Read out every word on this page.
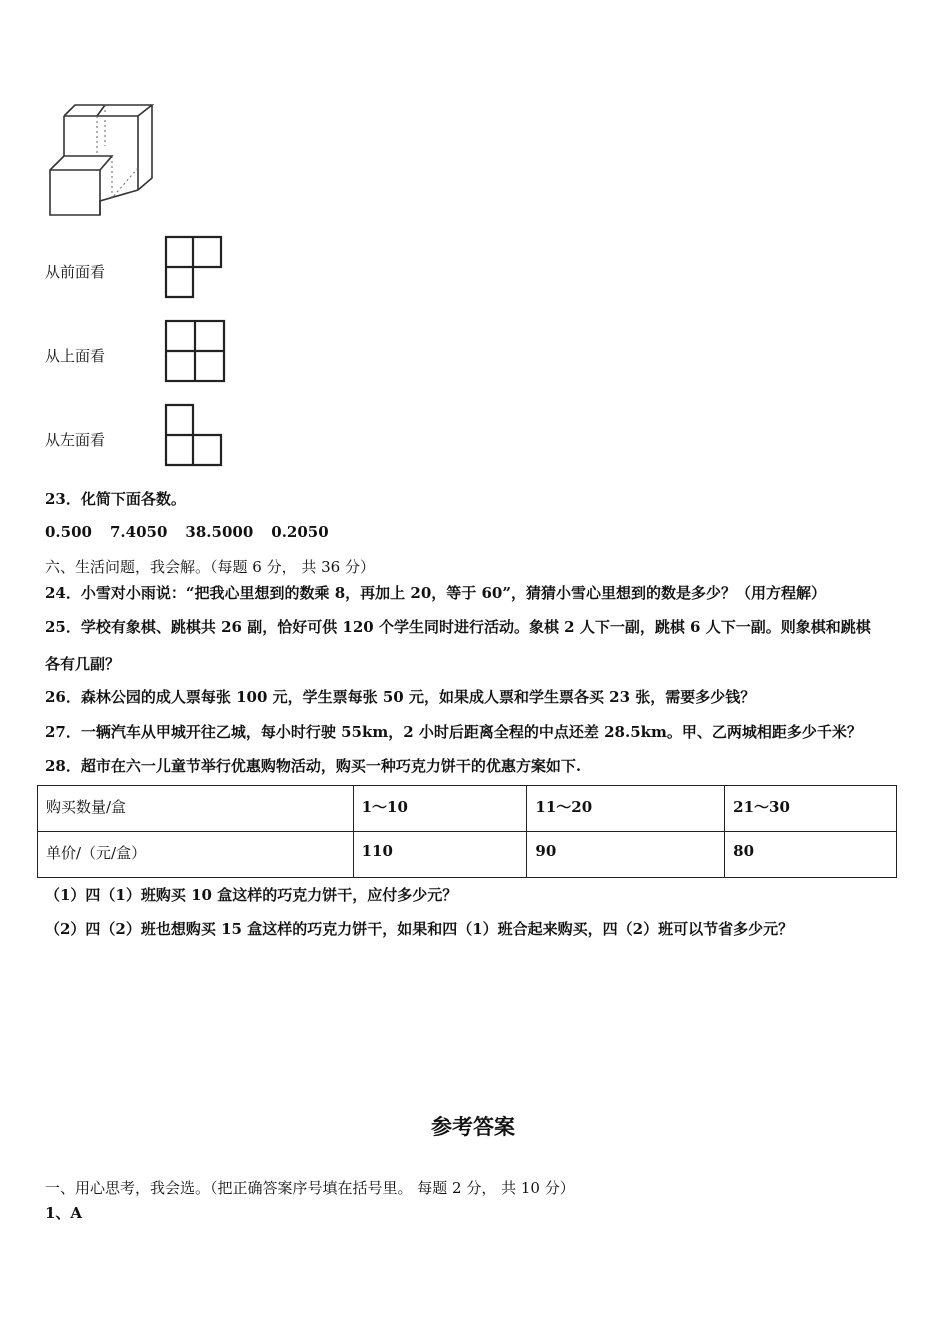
从前面看
从上面看
从左面看
23．化简下面各数。
0.500 7.4050 38.5000 0.2050
六、生活问题，我会解。（每题 6 分， 共 36 分）
24．小雪对小雨说：“把我心里想到的数乘 8，再加上 20，等于 60”，猜猜小雪心里想到的数是多少？（用方程解）
25．学校有象棋、跳棋共 26 副，恰好可供 120 个学生同时进行活动。象棋 2 人下一副，跳棋 6 人下一副。则象棋和跳棋
各有几副？
26．森林公园的成人票每张 100 元，学生票每张 50 元，如果成人票和学生票各买 23 张，需要多少钱？
27．一辆汽车从甲城开往乙城，每小时行驶 55km，2 小时后距离全程的中点还差 28.5km。甲、乙两城相距多少千米？
28．超市在六一儿童节举行优惠购物活动，购买一种巧克力饼干的优惠方案如下.
购买数量/盒	1～10	11～20	21～30
单价/（元/盒）	110	90	80
（1）四（1）班购买 10 盒这样的巧克力饼干，应付多少元？
（2）四（2）班也想购买 15 盒这样的巧克力饼干，如果和四（1）班合起来购买，四（2）班可以节省多少元？
参考答案
一、用心思考，我会选。（把正确答案序号填在括号里。 每题 2 分， 共 10 分）
1、A
